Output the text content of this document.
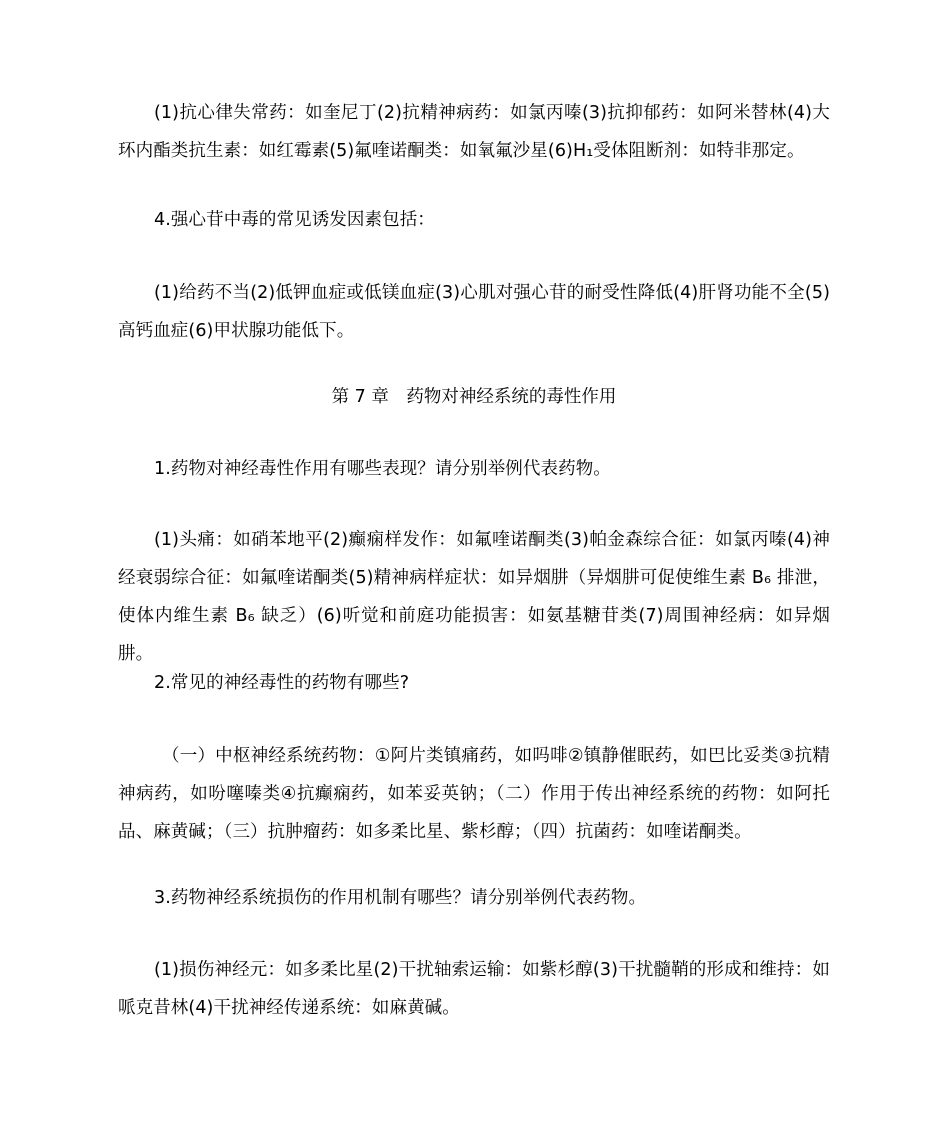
(1)抗心律失常药：如奎尼丁(2)抗精神病药：如氯丙嗪(3)抗抑郁药：如阿米替林(4)大环内酯类抗生素：如红霉素(5)氟喹诺酮类：如氧氟沙星(6)H₁受体阻断剂：如特非那定。

4.强心苷中毒的常见诱发因素包括：

(1)给药不当(2)低钾血症或低镁血症(3)心肌对强心苷的耐受性降低(4)肝肾功能不全(5)高钙血症(6)甲状腺功能低下。

第 7 章　药物对神经系统的毒性作用

1.药物对神经毒性作用有哪些表现？请分别举例代表药物。

(1)头痛：如硝苯地平(2)癫痫样发作：如氟喹诺酮类(3)帕金森综合征：如氯丙嗪(4)神经衰弱综合征：如氟喹诺酮类(5)精神病样症状：如异烟肼（异烟肼可促使维生素 B₆ 排泄，使体内维生素 B₆ 缺乏）(6)听觉和前庭功能损害：如氨基糖苷类(7)周围神经病：如异烟肼。

2.常见的神经毒性的药物有哪些?

（一）中枢神经系统药物：①阿片类镇痛药，如吗啡②镇静催眠药，如巴比妥类③抗精神病药，如吩噻嗪类④抗癫痫药，如苯妥英钠；（二）作用于传出神经系统的药物：如阿托品、麻黄碱；（三）抗肿瘤药：如多柔比星、紫杉醇；（四）抗菌药：如喹诺酮类。

3.药物神经系统损伤的作用机制有哪些？请分别举例代表药物。

(1)损伤神经元：如多柔比星(2)干扰轴索运输：如紫杉醇(3)干扰髓鞘的形成和维持：如哌克昔林(4)干扰神经传递系统：如麻黄碱。
